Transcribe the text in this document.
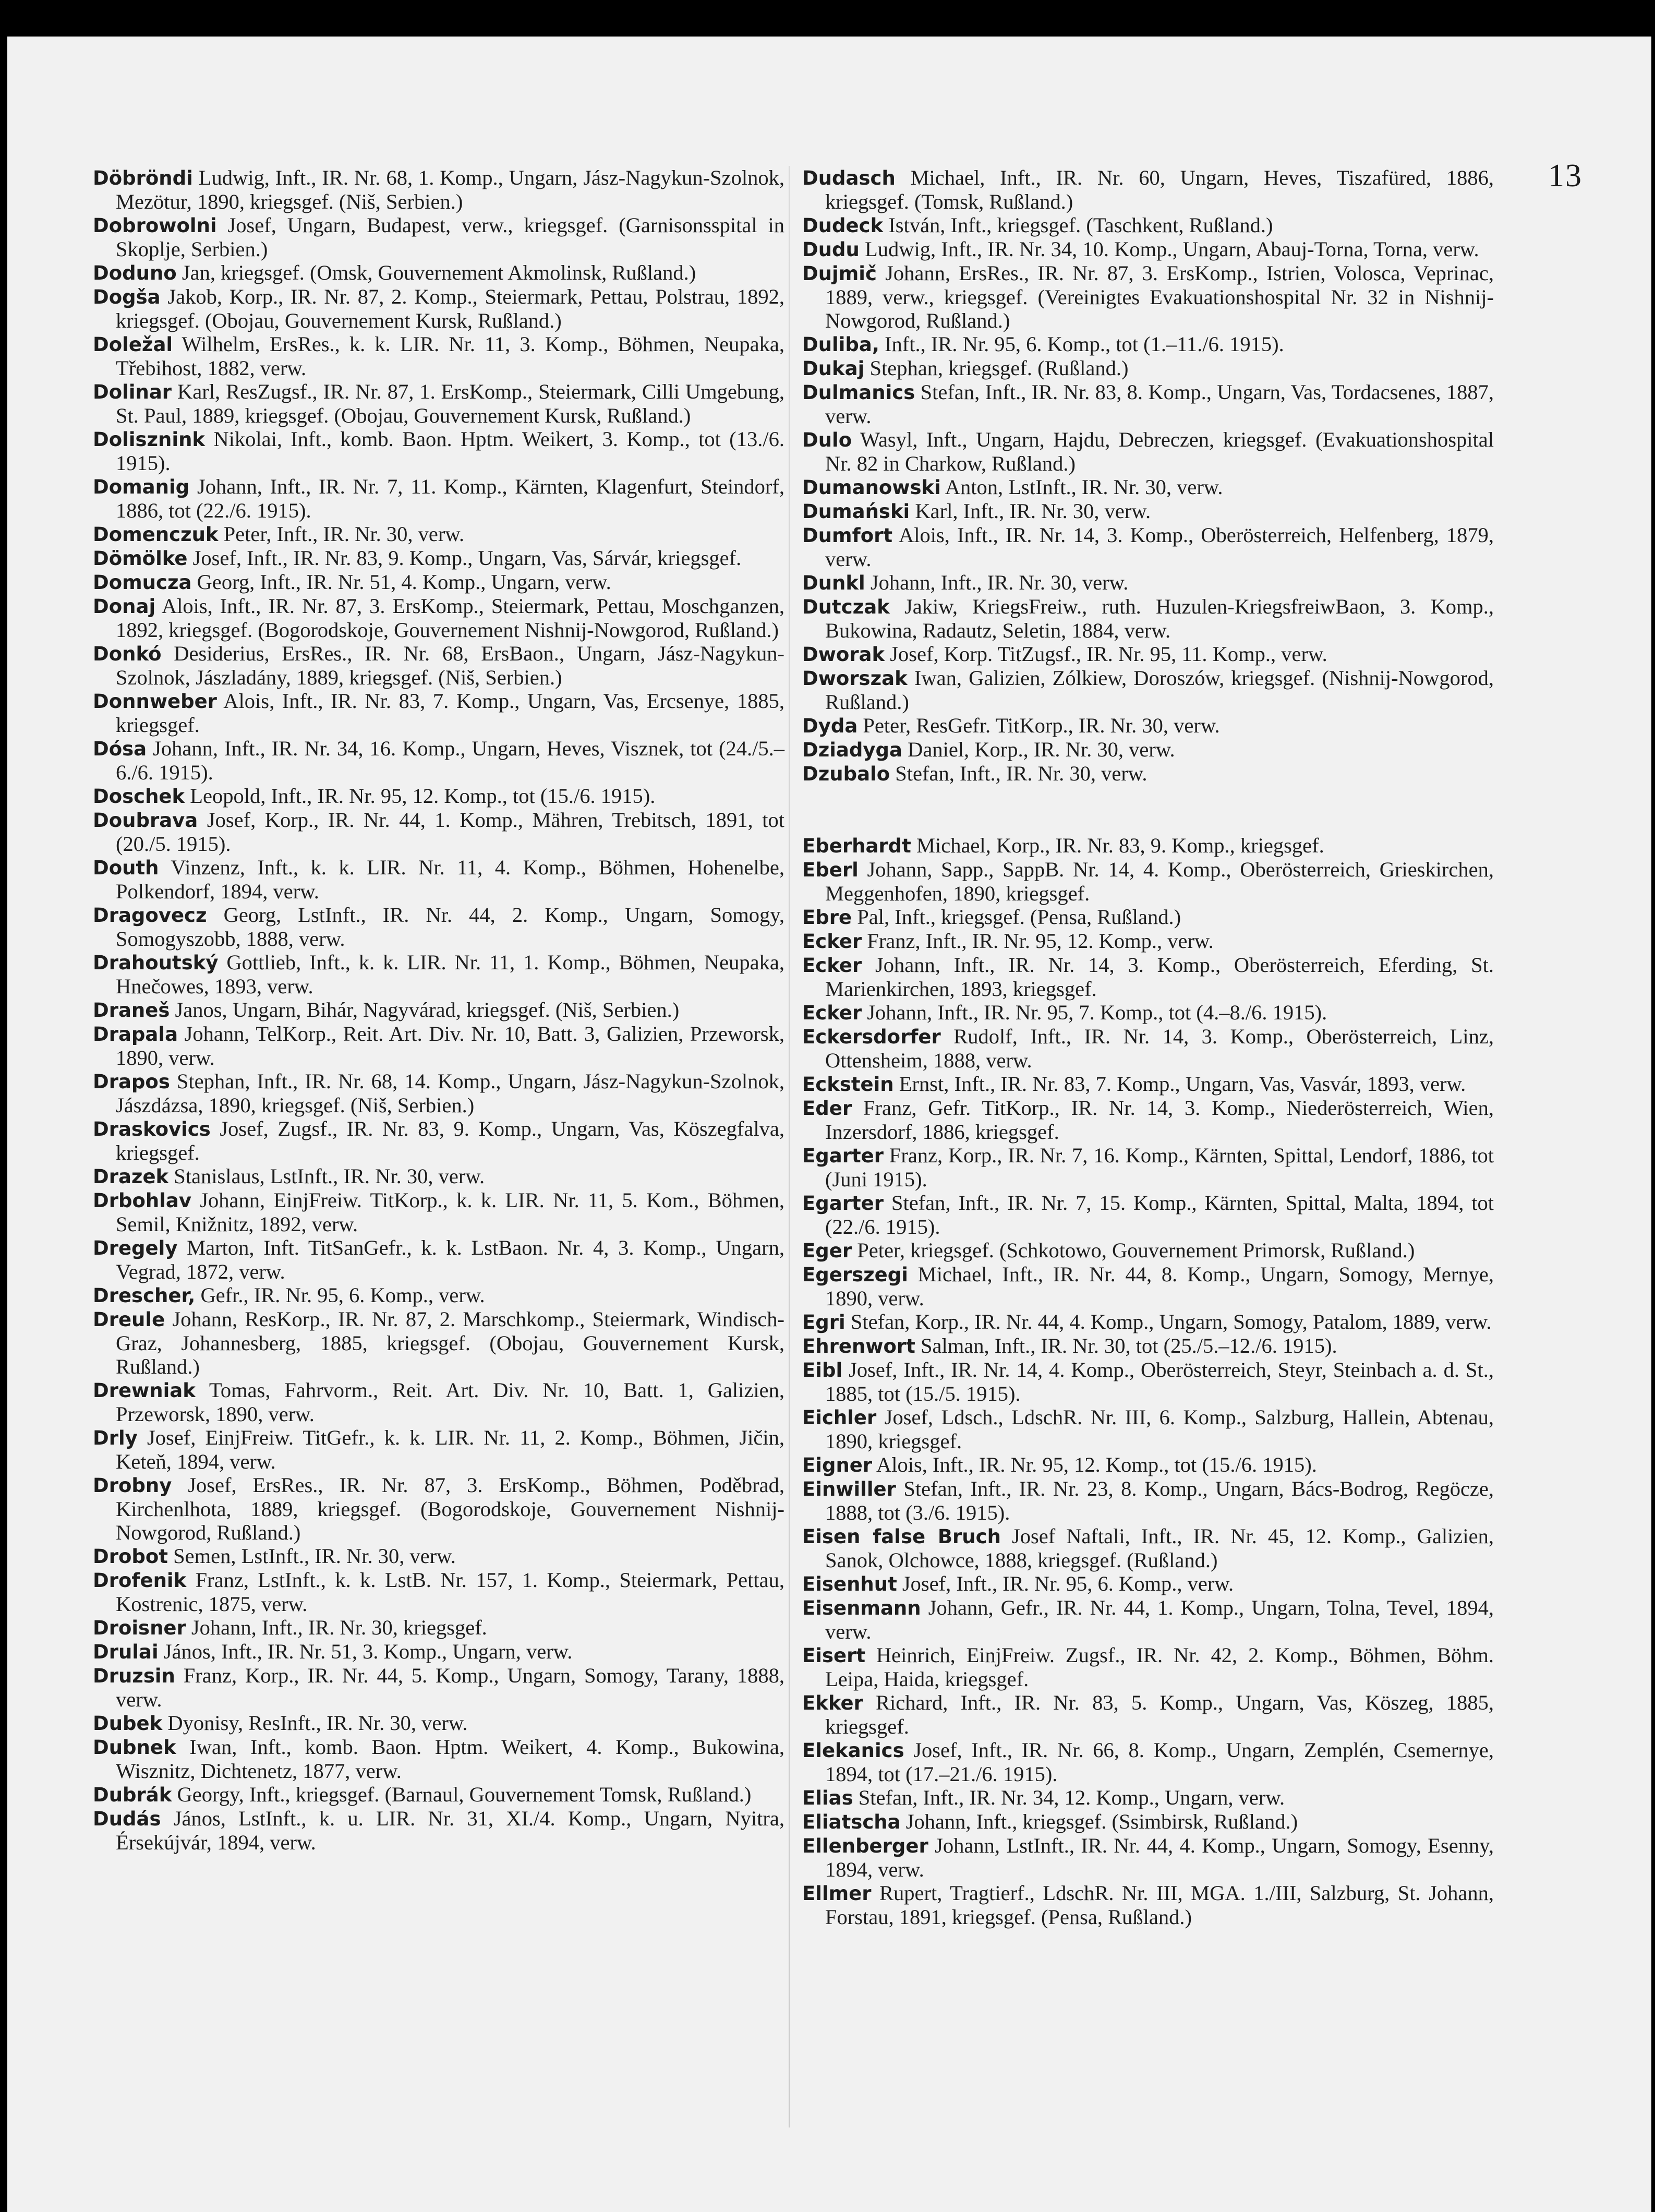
13

Döbröndi Ludwig, Inft., IR. Nr. 68, 1. Komp., Ungarn, Jász-Nagykun-Szolnok, Mezötur, 1890, kriegsgef. (Niš, Serbien.)

Dobrowolni Josef, Ungarn, Budapest, verw., kriegsgef. (Garnisonsspital in Skoplje, Serbien.)

Doduno Jan, kriegsgef. (Omsk, Gouvernement Akmolinsk, Rußland.)

Dogša Jakob, Korp., IR. Nr. 87, 2. Komp., Steiermark, Pettau, Polstrau, 1892, kriegsgef. (Obojau, Gouvernement Kursk, Rußland.)

Doležal Wilhelm, ErsRes., k. k. LIR. Nr. 11, 3. Komp., Böhmen, Neupaka, Třebihost, 1882, verw.

Dolinar Karl, ResZugsf., IR. Nr. 87, 1. ErsKomp., Steiermark, Cilli Umgebung, St. Paul, 1889, kriegsgef. (Obojau, Gouvernement Kursk, Rußland.)

Dolisznink Nikolai, Inft., komb. Baon. Hptm. Weikert, 3. Komp., tot (13./6. 1915).

Domanig Johann, Inft., IR. Nr. 7, 11. Komp., Kärnten, Klagenfurt, Steindorf, 1886, tot (22./6. 1915).

Domenczuk Peter, Inft., IR. Nr. 30, verw.

Dömölke Josef, Inft., IR. Nr. 83, 9. Komp., Ungarn, Vas, Sárvár, kriegsgef.

Domucza Georg, Inft., IR. Nr. 51, 4. Komp., Ungarn, verw.

Donaj Alois, Inft., IR. Nr. 87, 3. ErsKomp., Steiermark, Pettau, Moschganzen, 1892, kriegsgef. (Bogorodskoje, Gouvernement Nishnij-Nowgorod, Rußland.)

Donkó Desiderius, ErsRes., IR. Nr. 68, ErsBaon., Ungarn, Jász-Nagykun-Szolnok, Jászladány, 1889, kriegsgef. (Niš, Serbien.)

Donnweber Alois, Inft., IR. Nr. 83, 7. Komp., Ungarn, Vas, Ercsenye, 1885, kriegsgef.

Dósa Johann, Inft., IR. Nr. 34, 16. Komp., Ungarn, Heves, Visznek, tot (24./5.–6./6. 1915).

Doschek Leopold, Inft., IR. Nr. 95, 12. Komp., tot (15./6. 1915).

Doubrava Josef, Korp., IR. Nr. 44, 1. Komp., Mähren, Trebitsch, 1891, tot (20./5. 1915).

Douth Vinzenz, Inft., k. k. LIR. Nr. 11, 4. Komp., Böhmen, Hohenelbe, Polkendorf, 1894, verw.

Dragovecz Georg, LstInft., IR. Nr. 44, 2. Komp., Ungarn, Somogy, Somogyszobb, 1888, verw.

Drahoutský Gottlieb, Inft., k. k. LIR. Nr. 11, 1. Komp., Böhmen, Neupaka, Hnečowes, 1893, verw.

Draneš Janos, Ungarn, Bihár, Nagyvárad, kriegsgef. (Niš, Serbien.)

Drapala Johann, TelKorp., Reit. Art. Div. Nr. 10, Batt. 3, Galizien, Przeworsk, 1890, verw.

Drapos Stephan, Inft., IR. Nr. 68, 14. Komp., Ungarn, Jász-Nagykun-Szolnok, Jászdázsa, 1890, kriegsgef. (Niš, Serbien.)

Draskovics Josef, Zugsf., IR. Nr. 83, 9. Komp., Ungarn, Vas, Köszegfalva, kriegsgef.

Drazek Stanislaus, LstInft., IR. Nr. 30, verw.

Drbohlav Johann, EinjFreiw. TitKorp., k. k. LIR. Nr. 11, 5. Kom., Böhmen, Semil, Knižnitz, 1892, verw.

Dregely Marton, Inft. TitSanGefr., k. k. LstBaon. Nr. 4, 3. Komp., Ungarn, Vegrad, 1872, verw.

Drescher, Gefr., IR. Nr. 95, 6. Komp., verw.

Dreule Johann, ResKorp., IR. Nr. 87, 2. Marschkomp., Steiermark, Windisch-Graz, Johannesberg, 1885, kriegsgef. (Obojau, Gouvernement Kursk, Rußland.)

Drewniak Tomas, Fahrvorm., Reit. Art. Div. Nr. 10, Batt. 1, Galizien, Przeworsk, 1890, verw.

Drly Josef, EinjFreiw. TitGefr., k. k. LIR. Nr. 11, 2. Komp., Böhmen, Jičin, Keteň, 1894, verw.

Drobny Josef, ErsRes., IR. Nr. 87, 3. ErsKomp., Böhmen, Poděbrad, Kirchenlhota, 1889, kriegsgef. (Bogorodskoje, Gouvernement Nishnij-Nowgorod, Rußland.)

Drobot Semen, LstInft., IR. Nr. 30, verw.

Drofenik Franz, LstInft., k. k. LstB. Nr. 157, 1. Komp., Steiermark, Pettau, Kostrenic, 1875, verw.

Droisner Johann, Inft., IR. Nr. 30, kriegsgef.

Drulai János, Inft., IR. Nr. 51, 3. Komp., Ungarn, verw.

Druzsin Franz, Korp., IR. Nr. 44, 5. Komp., Ungarn, Somogy, Tarany, 1888, verw.

Dubek Dyonisy, ResInft., IR. Nr. 30, verw.

Dubnek Iwan, Inft., komb. Baon. Hptm. Weikert, 4. Komp., Bukowina, Wisznitz, Dichtenetz, 1877, verw.

Dubrák Georgy, Inft., kriegsgef. (Barnaul, Gouvernement Tomsk, Rußland.)

Dudás János, LstInft., k. u. LIR. Nr. 31, XI./4. Komp., Ungarn, Nyitra, Érsekújvár, 1894, verw.

Dudasch Michael, Inft., IR. Nr. 60, Ungarn, Heves, Tiszafüred, 1886, kriegsgef. (Tomsk, Rußland.)

Dudeck István, Inft., kriegsgef. (Taschkent, Rußland.)

Dudu Ludwig, Inft., IR. Nr. 34, 10. Komp., Ungarn, Abauj-Torna, Torna, verw.

Dujmič Johann, ErsRes., IR. Nr. 87, 3. ErsKomp., Istrien, Volosca, Veprinac, 1889, verw., kriegsgef. (Vereinigtes Evakuationshospital Nr. 32 in Nishnij-Nowgorod, Rußland.)

Duliba, Inft., IR. Nr. 95, 6. Komp., tot (1.–11./6. 1915).

Dukaj Stephan, kriegsgef. (Rußland.)

Dulmanics Stefan, Inft., IR. Nr. 83, 8. Komp., Ungarn, Vas, Tordacsenes, 1887, verw.

Dulo Wasyl, Inft., Ungarn, Hajdu, Debreczen, kriegsgef. (Evakuationshospital Nr. 82 in Charkow, Rußland.)

Dumanowski Anton, LstInft., IR. Nr. 30, verw.

Dumański Karl, Inft., IR. Nr. 30, verw.

Dumfort Alois, Inft., IR. Nr. 14, 3. Komp., Oberösterreich, Helfenberg, 1879, verw.

Dunkl Johann, Inft., IR. Nr. 30, verw.

Dutczak Jakiw, KriegsFreiw., ruth. Huzulen-KriegsfreiwBaon, 3. Komp., Bukowina, Radautz, Seletin, 1884, verw.

Dworak Josef, Korp. TitZugsf., IR. Nr. 95, 11. Komp., verw.

Dworszak Iwan, Galizien, Zólkiew, Doroszów, kriegsgef. (Nishnij-Nowgorod, Rußland.)

Dyda Peter, ResGefr. TitKorp., IR. Nr. 30, verw.

Dziadyga Daniel, Korp., IR. Nr. 30, verw.

Dzubalo Stefan, Inft., IR. Nr. 30, verw.

Eberhardt Michael, Korp., IR. Nr. 83, 9. Komp., kriegsgef.

Eberl Johann, Sapp., SappB. Nr. 14, 4. Komp., Oberösterreich, Grieskirchen, Meggenhofen, 1890, kriegsgef.

Ebre Pal, Inft., kriegsgef. (Pensa, Rußland.)

Ecker Franz, Inft., IR. Nr. 95, 12. Komp., verw.

Ecker Johann, Inft., IR. Nr. 14, 3. Komp., Oberösterreich, Eferding, St. Marienkirchen, 1893, kriegsgef.

Ecker Johann, Inft., IR. Nr. 95, 7. Komp., tot (4.–8./6. 1915).

Eckersdorfer Rudolf, Inft., IR. Nr. 14, 3. Komp., Oberösterreich, Linz, Ottensheim, 1888, verw.

Eckstein Ernst, Inft., IR. Nr. 83, 7. Komp., Ungarn, Vas, Vasvár, 1893, verw.

Eder Franz, Gefr. TitKorp., IR. Nr. 14, 3. Komp., Niederösterreich, Wien, Inzersdorf, 1886, kriegsgef.

Egarter Franz, Korp., IR. Nr. 7, 16. Komp., Kärnten, Spittal, Lendorf, 1886, tot (Juni 1915).

Egarter Stefan, Inft., IR. Nr. 7, 15. Komp., Kärnten, Spittal, Malta, 1894, tot (22./6. 1915).

Eger Peter, kriegsgef. (Schkotowo, Gouvernement Primorsk, Rußland.)

Egerszegi Michael, Inft., IR. Nr. 44, 8. Komp., Ungarn, Somogy, Mernye, 1890, verw.

Egri Stefan, Korp., IR. Nr. 44, 4. Komp., Ungarn, Somogy, Patalom, 1889, verw.

Ehrenwort Salman, Inft., IR. Nr. 30, tot (25./5.–12./6. 1915).

Eibl Josef, Inft., IR. Nr. 14, 4. Komp., Oberösterreich, Steyr, Steinbach a. d. St., 1885, tot (15./5. 1915).

Eichler Josef, Ldsch., LdschR. Nr. III, 6. Komp., Salzburg, Hallein, Abtenau, 1890, kriegsgef.

Eigner Alois, Inft., IR. Nr. 95, 12. Komp., tot (15./6. 1915).

Einwiller Stefan, Inft., IR. Nr. 23, 8. Komp., Ungarn, Bács-Bodrog, Regöcze, 1888, tot (3./6. 1915).

Eisen false Bruch Josef Naftali, Inft., IR. Nr. 45, 12. Komp., Galizien, Sanok, Olchowce, 1888, kriegsgef. (Rußland.)

Eisenhut Josef, Inft., IR. Nr. 95, 6. Komp., verw.

Eisenmann Johann, Gefr., IR. Nr. 44, 1. Komp., Ungarn, Tolna, Tevel, 1894, verw.

Eisert Heinrich, EinjFreiw. Zugsf., IR. Nr. 42, 2. Komp., Böhmen, Böhm. Leipa, Haida, kriegsgef.

Ekker Richard, Inft., IR. Nr. 83, 5. Komp., Ungarn, Vas, Köszeg, 1885, kriegsgef.

Elekanics Josef, Inft., IR. Nr. 66, 8. Komp., Ungarn, Zemplén, Csemernye, 1894, tot (17.–21./6. 1915).

Elias Stefan, Inft., IR. Nr. 34, 12. Komp., Ungarn, verw.

Eliatscha Johann, Inft., kriegsgef. (Ssimbirsk, Rußland.)

Ellenberger Johann, LstInft., IR. Nr. 44, 4. Komp., Ungarn, Somogy, Esenny, 1894, verw.

Ellmer Rupert, Tragtierf., LdschR. Nr. III, MGA. 1./III, Salzburg, St. Johann, Forstau, 1891, kriegsgef. (Pensa, Rußland.)
